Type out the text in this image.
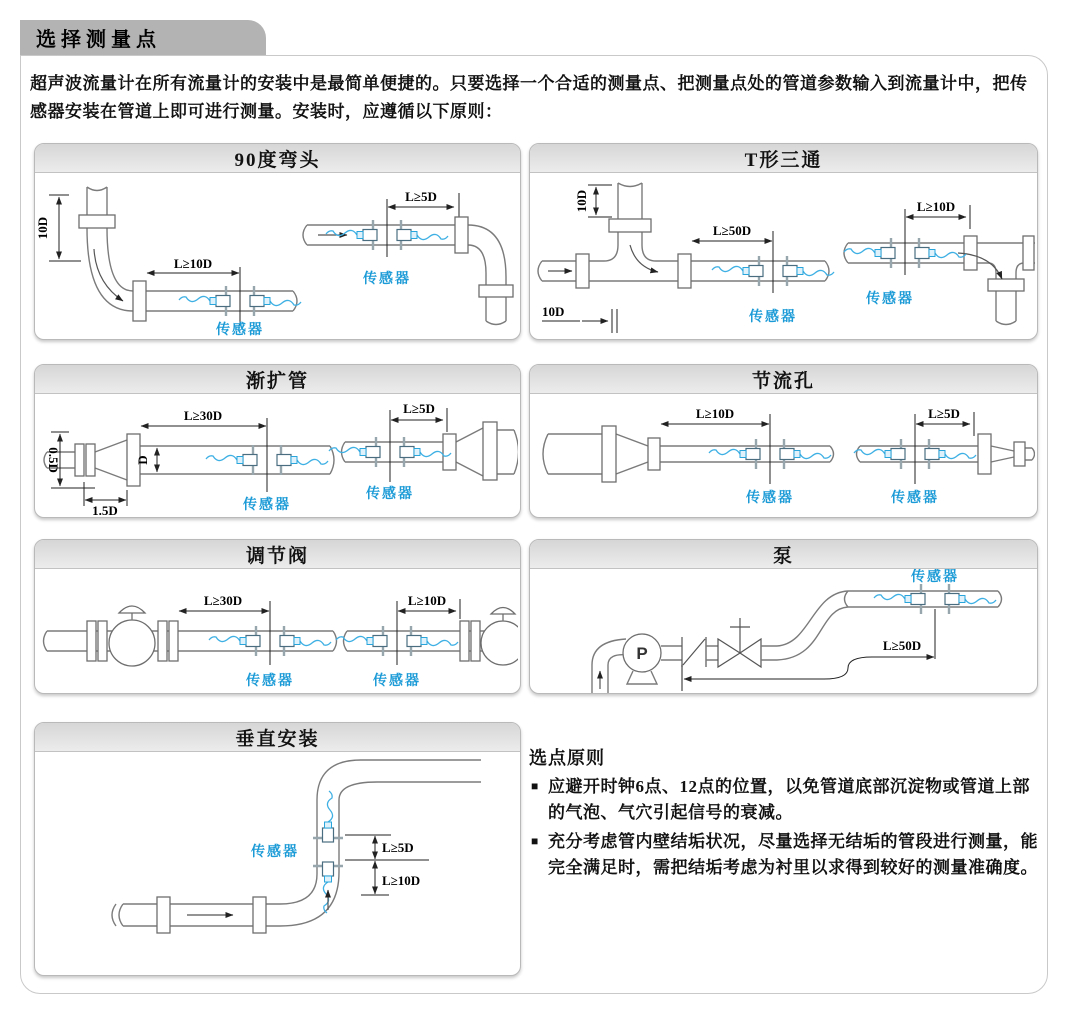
选择测量点

超声波流量计在所有流量计的安装中是最简单便捷的。只要选择一个合适的测量点、把测量点处的管道参数输入到流量计中，把传感器安装在管道上即可进行测量。安装时，应遵循以下原则：

90度弯头
L≥10D
10D
传感器
L≥5D
传感器
T形三通
10D
L≥50D
10D	传感器
L≥10D
传感器
渐扩管
L≥30D
0.5D
1.5D
D
传感器
L≥5D
传感器
节流孔
L≥10D
传感器
L≥5D
传感器
调节阀
L≥30D
传感器
L≥10D
传感器
泵
P
传感器
L≥50D
垂直安装
传感器	L≥5D
L≥10D
选点原则
■ 应避开时钟6点、12点的位置，以免管道底部沉淀物或管道上部的气泡、气穴引起信号的衰减。
■ 充分考虑管内壁结垢状况，尽量选择无结垢的管段进行测量，能完全满足时，需把结垢考虑为衬里以求得到较好的测量准确度。
